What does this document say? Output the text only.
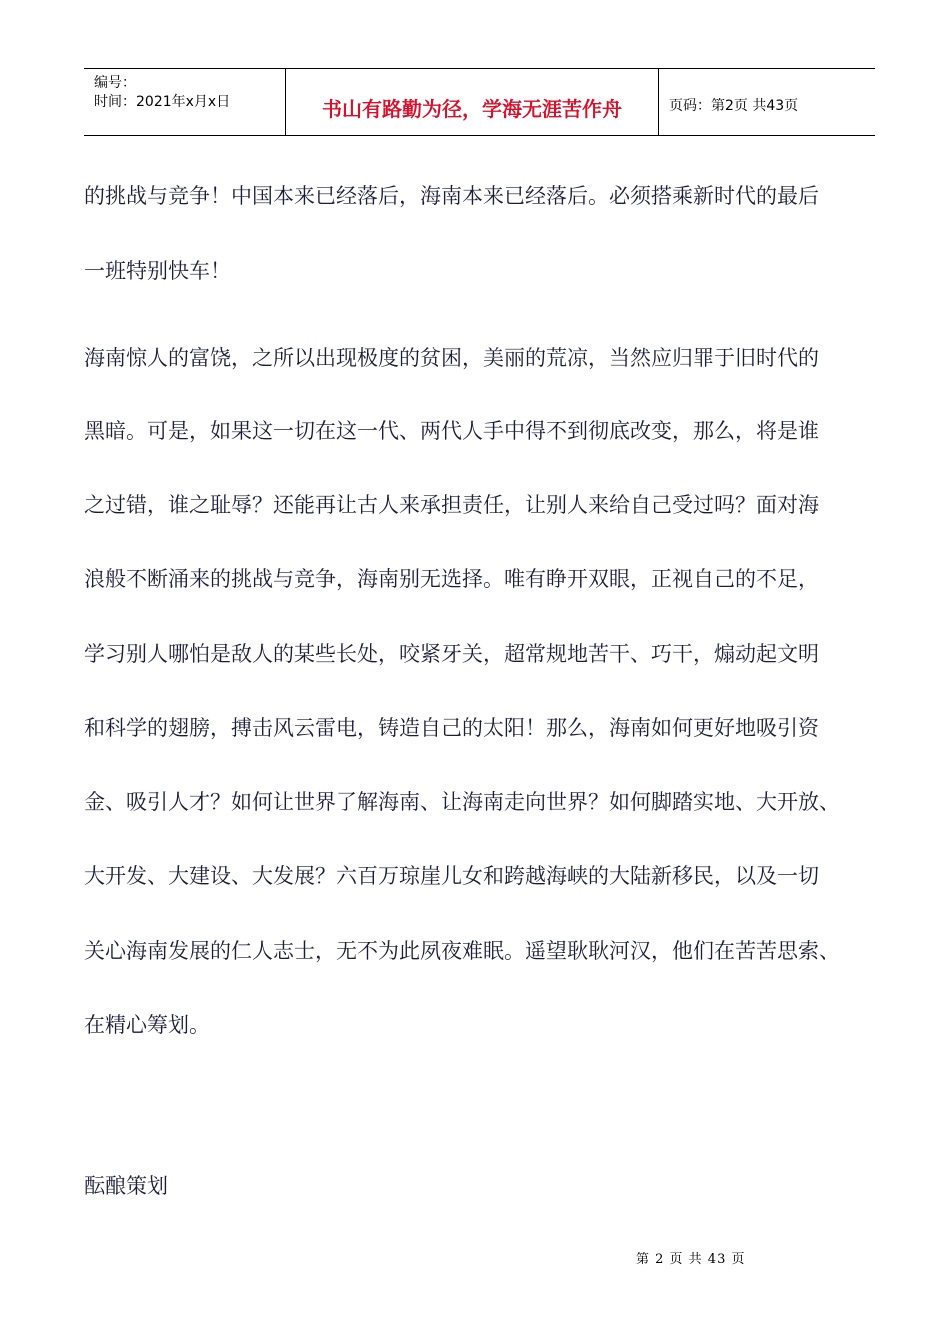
编号：
时间：2021年x月x日	书山有路勤为径，学海无涯苦作舟	页码：第2页 共43页
的挑战与竞争！中国本来已经落后，海南本来已经落后。必须搭乘新时代的最后
一班特别快车！
海南惊人的富饶，之所以出现极度的贫困，美丽的荒凉，当然应归罪于旧时代的
黑暗。可是，如果这一切在这一代、两代人手中得不到彻底改变，那么，将是谁
之过错，谁之耻辱？还能再让古人来承担责任，让别人来给自己受过吗？面对海
浪般不断涌来的挑战与竞争，海南别无选择。唯有睁开双眼，正视自己的不足，
学习别人哪怕是敌人的某些长处，咬紧牙关，超常规地苦干、巧干，煽动起文明
和科学的翅膀，搏击风云雷电，铸造自己的太阳！那么，海南如何更好地吸引资
金、吸引人才？如何让世界了解海南、让海南走向世界？如何脚踏实地、大开放、
大开发、大建设、大发展？六百万琼崖儿女和跨越海峡的大陆新移民，以及一切
关心海南发展的仁人志士，无不为此夙夜难眠。遥望耿耿河汉，他们在苦苦思索、
在精心筹划。
酝酿策划
第 2 页 共 43 页
